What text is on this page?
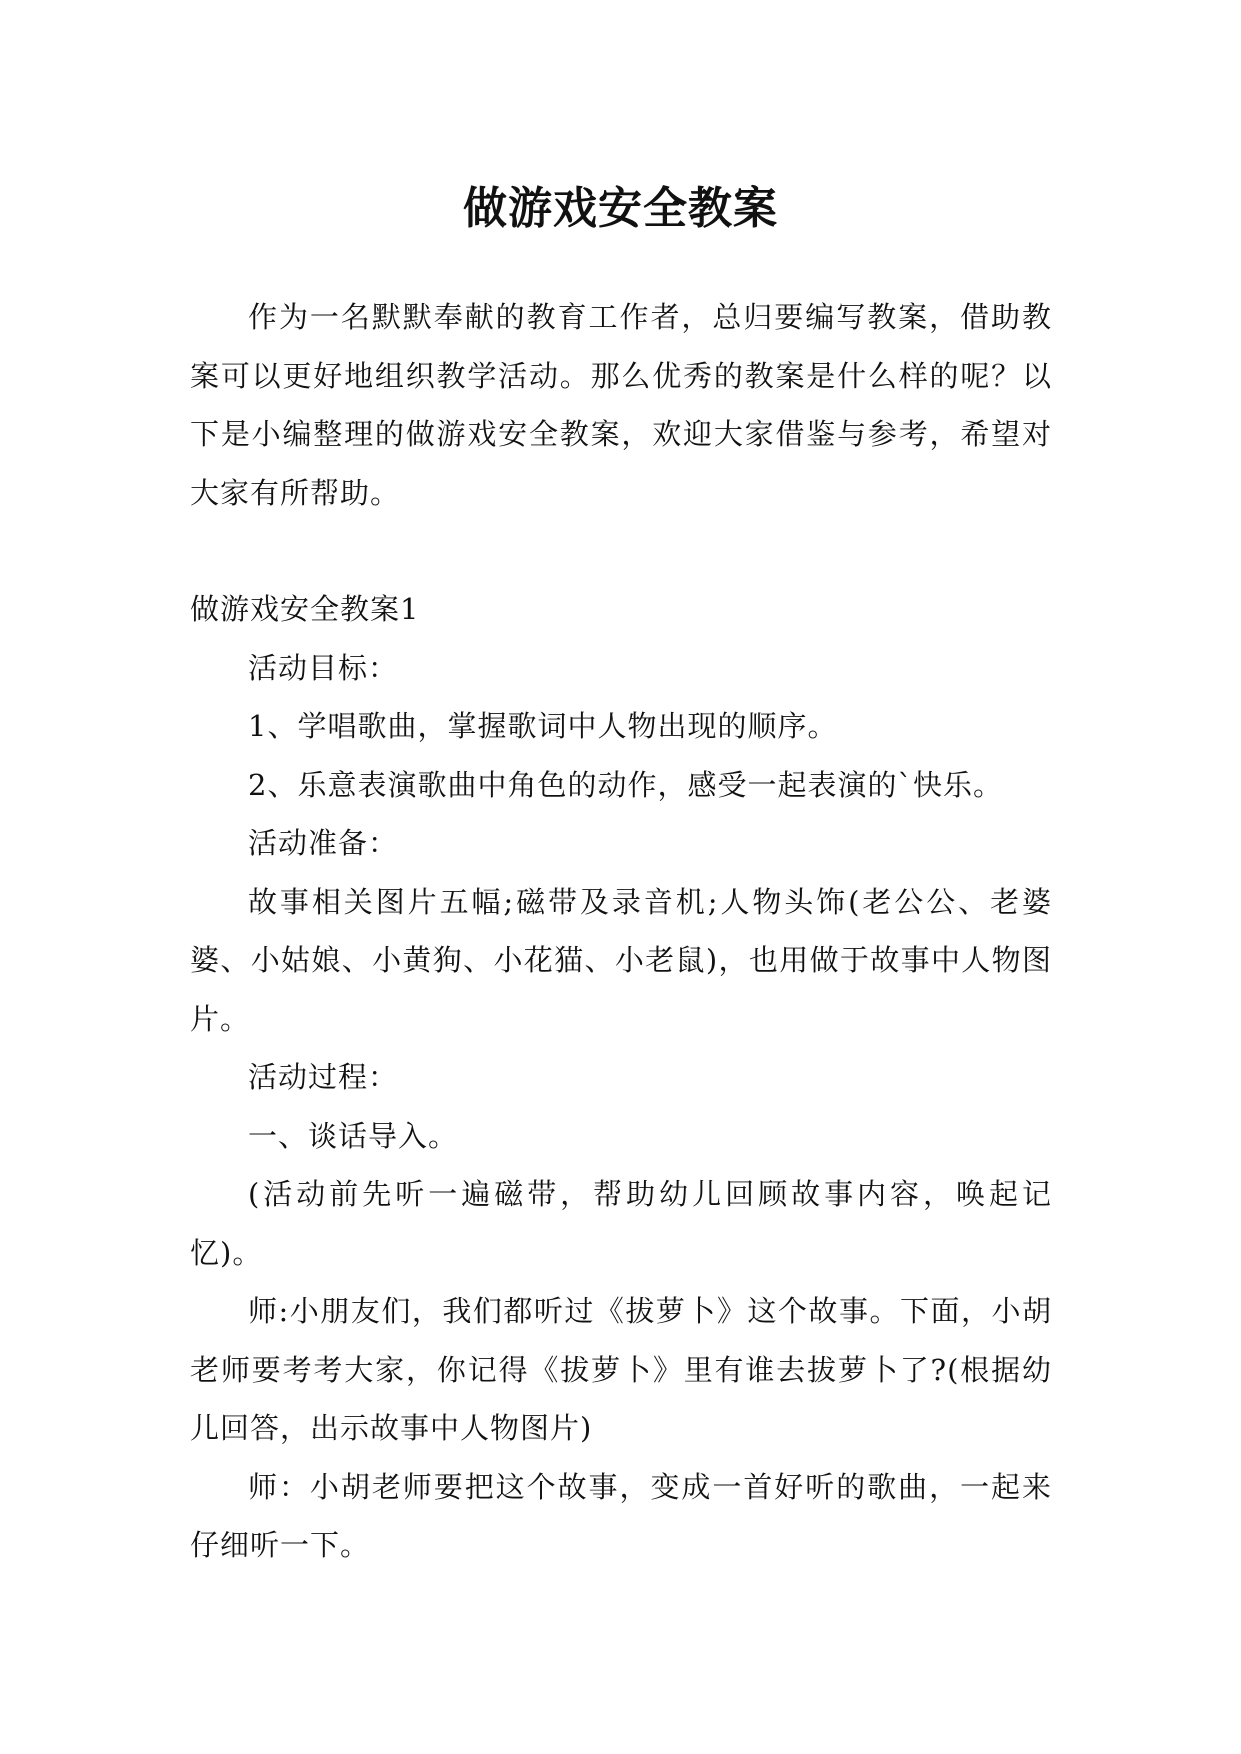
做游戏安全教案

作为一名默默奉献的教育工作者，总归要编写教案，借助教案可以更好地组织教学活动。那么优秀的教案是什么样的呢？以下是小编整理的做游戏安全教案，欢迎大家借鉴与参考，希望对大家有所帮助。

做游戏安全教案1

活动目标：

1、学唱歌曲，掌握歌词中人物出现的顺序。

2、乐意表演歌曲中角色的动作，感受一起表演的`快乐。

活动准备：

故事相关图片五幅;磁带及录音机;人物头饰(老公公、老婆婆、小姑娘、小黄狗、小花猫、小老鼠)，也用做于故事中人物图片。

活动过程：

一、谈话导入。

(活动前先听一遍磁带，帮助幼儿回顾故事内容，唤起记忆)。

师:小朋友们，我们都听过《拔萝卜》这个故事。下面，小胡老师要考考大家，你记得《拔萝卜》里有谁去拔萝卜了?(根据幼儿回答，出示故事中人物图片)

师：小胡老师要把这个故事，变成一首好听的歌曲，一起来仔细听一下。
